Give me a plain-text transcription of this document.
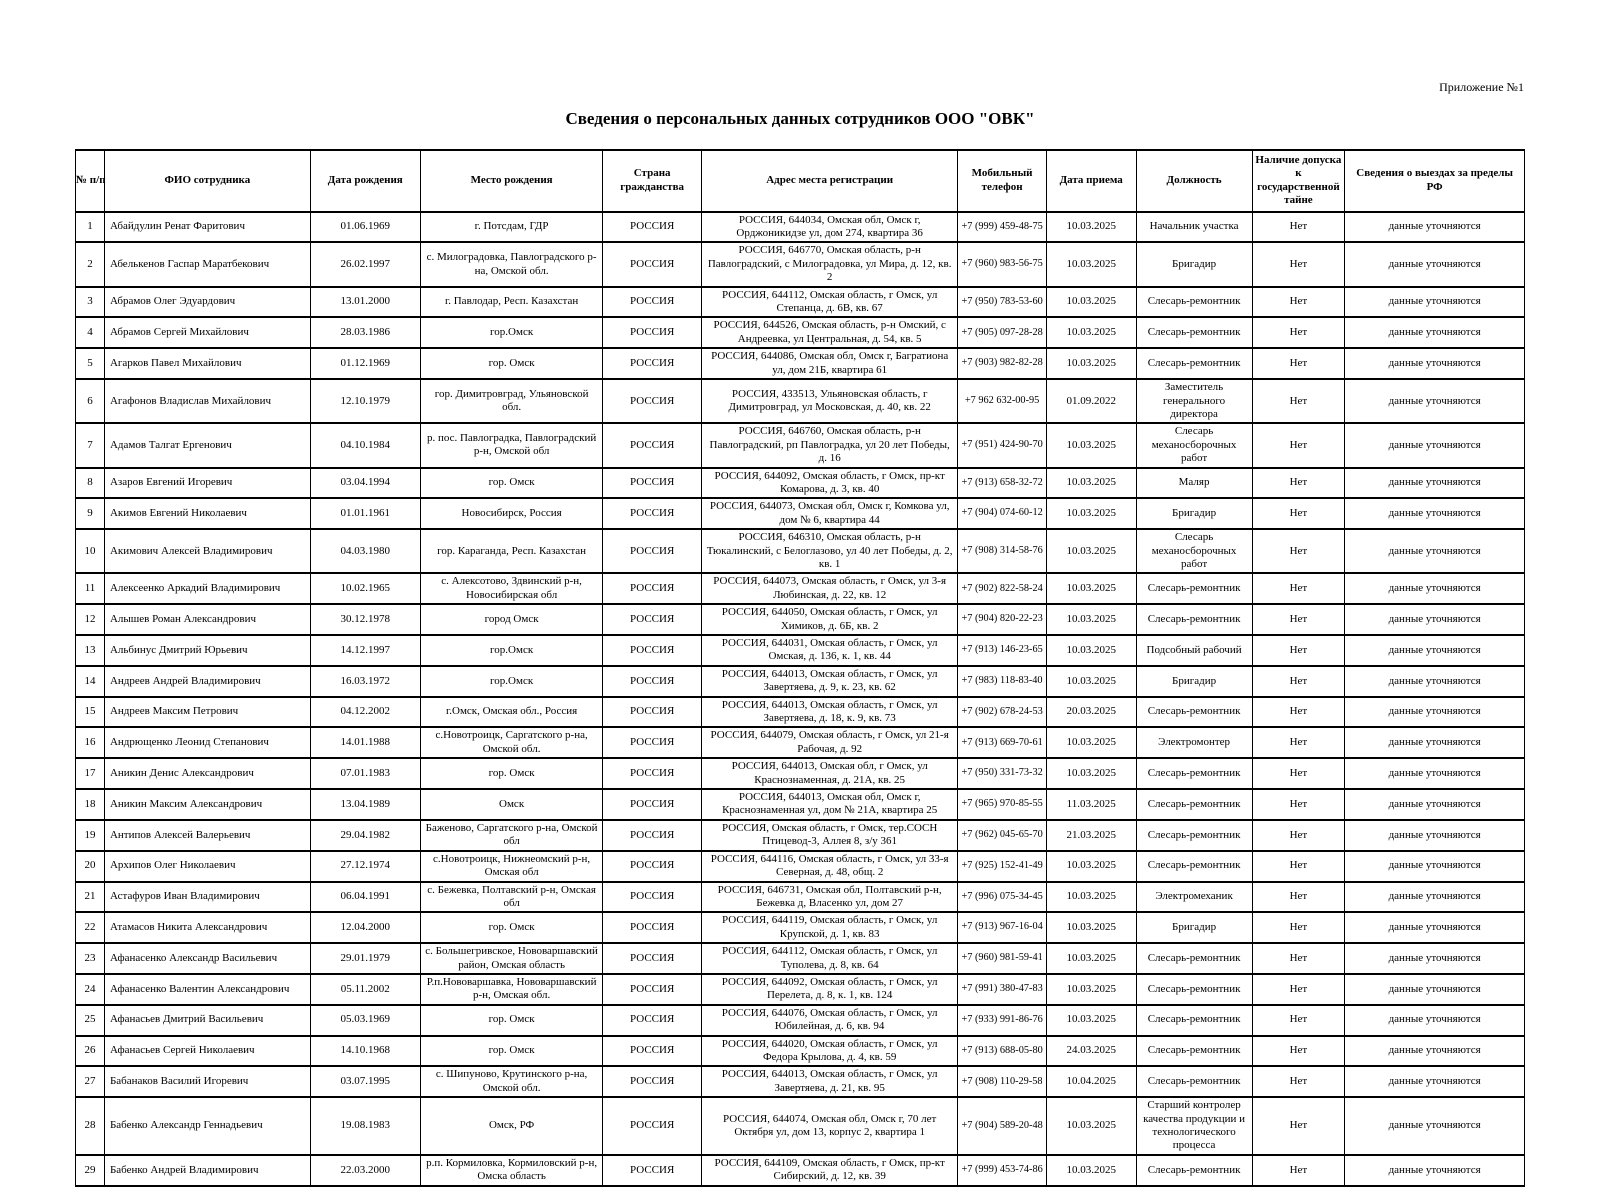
Приложение №1
Сведения о персональных данных сотрудников ООО "ОВК"
№ п/п	ФИО сотрудника	Дата рождения	Место рождения	Страна гражданства	Адрес места регистрации	Мобильный телефон	Дата приема	Должность	Наличие допуска к государственной тайне	Сведения о выездах за пределы РФ
1	Абайдулин Ренат Фаритович	01.06.1969	г. Потсдам, ГДР	РОССИЯ	РОССИЯ, 644034, Омская обл, Омск г, Орджоникидзе ул, дом 274, квартира 36	+7 (999) 459-48-75	10.03.2025	Начальник участка	Нет	данные уточняются
2	Абелькенов Гаспар Маратбекович	26.02.1997	с. Милоградовка, Павлоградского р-на, Омской обл.	РОССИЯ	РОССИЯ, 646770, Омская область, р-н Павлоградский, с Милоградовка, ул Мира, д. 12, кв. 2	+7 (960) 983-56-75	10.03.2025	Бригадир	Нет	данные уточняются
3	Абрамов Олег Эдуардович	13.01.2000	г. Павлодар, Респ. Казахстан	РОССИЯ	РОССИЯ, 644112, Омская область, г Омск, ул Степанца, д. 6В, кв. 67	+7 (950) 783-53-60	10.03.2025	Слесарь-ремонтник	Нет	данные уточняются
4	Абрамов Сергей Михайлович	28.03.1986	гор.Омск	РОССИЯ	РОССИЯ, 644526, Омская область, р-н Омский, с Андреевка, ул Центральная, д. 54, кв. 5	+7 (905) 097-28-28	10.03.2025	Слесарь-ремонтник	Нет	данные уточняются
5	Агарков Павел Михайлович	01.12.1969	гор. Омск	РОССИЯ	РОССИЯ, 644086, Омская обл, Омск г, Багратиона ул, дом 21Б, квартира 61	+7 (903) 982-82-28	10.03.2025	Слесарь-ремонтник	Нет	данные уточняются
6	Агафонов Владислав Михайлович	12.10.1979	гор. Димитровград, Ульяновской обл.	РОССИЯ	РОССИЯ, 433513, Ульяновская область, г Димитровград, ул Московская, д. 40, кв. 22	+7 962 632-00-95	01.09.2022	Заместитель генерального директора	Нет	данные уточняются
7	Адамов Талгат Ергенович	04.10.1984	р. пос. Павлоградка, Павлоградский р-н, Омской обл	РОССИЯ	РОССИЯ, 646760, Омская область, р-н Павлоградский, рп Павлоградка, ул 20 лет Победы, д. 16	+7 (951) 424-90-70	10.03.2025	Слесарь механосборочных работ	Нет	данные уточняются
8	Азаров Евгений Игоревич	03.04.1994	гор. Омск	РОССИЯ	РОССИЯ, 644092, Омская область, г Омск, пр-кт Комарова, д. 3, кв. 40	+7 (913) 658-32-72	10.03.2025	Маляр	Нет	данные уточняются
9	Акимов Евгений Николаевич	01.01.1961	Новосибирск, Россия	РОССИЯ	РОССИЯ, 644073, Омская обл, Омск г, Комкова ул, дом № 6, квартира 44	+7 (904) 074-60-12	10.03.2025	Бригадир	Нет	данные уточняются
10	Акимович Алексей Владимирович	04.03.1980	гор. Караганда, Респ. Казахстан	РОССИЯ	РОССИЯ, 646310, Омская область, р-н Тюкалинский, с Белоглазово, ул 40 лет Победы, д. 2, кв. 1	+7 (908) 314-58-76	10.03.2025	Слесарь механосборочных работ	Нет	данные уточняются
11	Алексеенко Аркадий Владимирович	10.02.1965	с. Алексотово, Здвинский р-н, Новосибирская обл	РОССИЯ	РОССИЯ, 644073, Омская область, г Омск, ул 3-я Любинская, д. 22, кв. 12	+7 (902) 822-58-24	10.03.2025	Слесарь-ремонтник	Нет	данные уточняются
12	Алышев Роман Александрович	30.12.1978	город Омск	РОССИЯ	РОССИЯ, 644050, Омская область, г Омск, ул Химиков, д. 6Б, кв. 2	+7 (904) 820-22-23	10.03.2025	Слесарь-ремонтник	Нет	данные уточняются
13	Альбинус Дмитрий Юрьевич	14.12.1997	гор.Омск	РОССИЯ	РОССИЯ, 644031, Омская область, г Омск, ул Омская, д. 136, к. 1, кв. 44	+7 (913) 146-23-65	10.03.2025	Подсобный рабочий	Нет	данные уточняются
14	Андреев Андрей Владимирович	16.03.1972	гор.Омск	РОССИЯ	РОССИЯ, 644013, Омская область, г Омск, ул Завертяева, д. 9, к. 23, кв. 62	+7 (983) 118-83-40	10.03.2025	Бригадир	Нет	данные уточняются
15	Андреев Максим Петрович	04.12.2002	г.Омск, Омская обл., Россия	РОССИЯ	РОССИЯ, 644013, Омская область, г Омск, ул Завертяева, д. 18, к. 9, кв. 73	+7 (902) 678-24-53	20.03.2025	Слесарь-ремонтник	Нет	данные уточняются
16	Андрющенко Леонид Степанович	14.01.1988	с.Новотроицк, Саргатского р-на, Омской обл.	РОССИЯ	РОССИЯ, 644079, Омская область, г Омск, ул 21-я Рабочая, д. 92	+7 (913) 669-70-61	10.03.2025	Электромонтер	Нет	данные уточняются
17	Аникин Денис Александрович	07.01.1983	гор. Омск	РОССИЯ	РОССИЯ, 644013, Омская обл, г Омск, ул Краснознаменная, д. 21А, кв. 25	+7 (950) 331-73-32	10.03.2025	Слесарь-ремонтник	Нет	данные уточняются
18	Аникин Максим Александрович	13.04.1989	Омск	РОССИЯ	РОССИЯ, 644013, Омская обл, Омск г, Краснознаменная ул, дом № 21А, квартира 25	+7 (965) 970-85-55	11.03.2025	Слесарь-ремонтник	Нет	данные уточняются
19	Антипов Алексей Валерьевич	29.04.1982	Баженово, Саргатского р-на, Омской обл	РОССИЯ	РОССИЯ, Омская область, г Омск, тер.СОСН Птицевод-3, Аллея 8, з/у 361	+7 (962) 045-65-70	21.03.2025	Слесарь-ремонтник	Нет	данные уточняются
20	Архипов Олег Николаевич	27.12.1974	с.Новотроицк, Нижнеомский р-н, Омская обл	РОССИЯ	РОССИЯ, 644116, Омская область, г Омск, ул 33-я Северная, д. 48, общ. 2	+7 (925) 152-41-49	10.03.2025	Слесарь-ремонтник	Нет	данные уточняются
21	Астафуров Иван Владимирович	06.04.1991	с. Бежевка, Полтавский р-н, Омская обл	РОССИЯ	РОССИЯ, 646731, Омская обл, Полтавский р-н, Бежевка д, Власенко ул, дом 27	+7 (996) 075-34-45	10.03.2025	Электромеханик	Нет	данные уточняются
22	Атамасов Никита Александрович	12.04.2000	гор. Омск	РОССИЯ	РОССИЯ, 644119, Омская область, г Омск, ул Крупской, д. 1, кв. 83	+7 (913) 967-16-04	10.03.2025	Бригадир	Нет	данные уточняются
23	Афанасенко Александр Васильевич	29.01.1979	с. Большегривское, Нововаршавский район, Омская область	РОССИЯ	РОССИЯ, 644112, Омская область, г Омск, ул Туполева, д. 8, кв. 64	+7 (960) 981-59-41	10.03.2025	Слесарь-ремонтник	Нет	данные уточняются
24	Афанасенко Валентин Александрович	05.11.2002	Р.п.Нововаршавка, Нововаршавский р-н, Омская обл.	РОССИЯ	РОССИЯ, 644092, Омская область, г Омск, ул Перелета, д. 8, к. 1, кв. 124	+7 (991) 380-47-83	10.03.2025	Слесарь-ремонтник	Нет	данные уточняются
25	Афанасьев Дмитрий Васильевич	05.03.1969	гор. Омск	РОССИЯ	РОССИЯ, 644076, Омская область, г Омск, ул Юбилейная, д. 6, кв. 94	+7 (933) 991-86-76	10.03.2025	Слесарь-ремонтник	Нет	данные уточняются
26	Афанасьев Сергей Николаевич	14.10.1968	гор. Омск	РОССИЯ	РОССИЯ, 644020, Омская область, г Омск, ул Федора Крылова, д. 4, кв. 59	+7 (913) 688-05-80	24.03.2025	Слесарь-ремонтник	Нет	данные уточняются
27	Бабанаков Василий Игоревич	03.07.1995	с. Шипуново, Крутинского р-на, Омской обл.	РОССИЯ	РОССИЯ, 644013, Омская область, г Омск, ул Завертяева, д. 21, кв. 95	+7 (908) 110-29-58	10.04.2025	Слесарь-ремонтник	Нет	данные уточняются
28	Бабенко Александр Геннадьевич	19.08.1983	Омск, РФ	РОССИЯ	РОССИЯ, 644074, Омская обл, Омск г, 70 лет Октября ул, дом 13, корпус 2, квартира 1	+7 (904) 589-20-48	10.03.2025	Старший контролер качества продукции и технологического процесса	Нет	данные уточняются
29	Бабенко Андрей Владимирович	22.03.2000	р.п. Кормиловка, Кормиловский р-н, Омска область	РОССИЯ	РОССИЯ, 644109, Омская область, г Омск, пр-кт Сибирский, д. 12, кв. 39	+7 (999) 453-74-86	10.03.2025	Слесарь-ремонтник	Нет	данные уточняются
